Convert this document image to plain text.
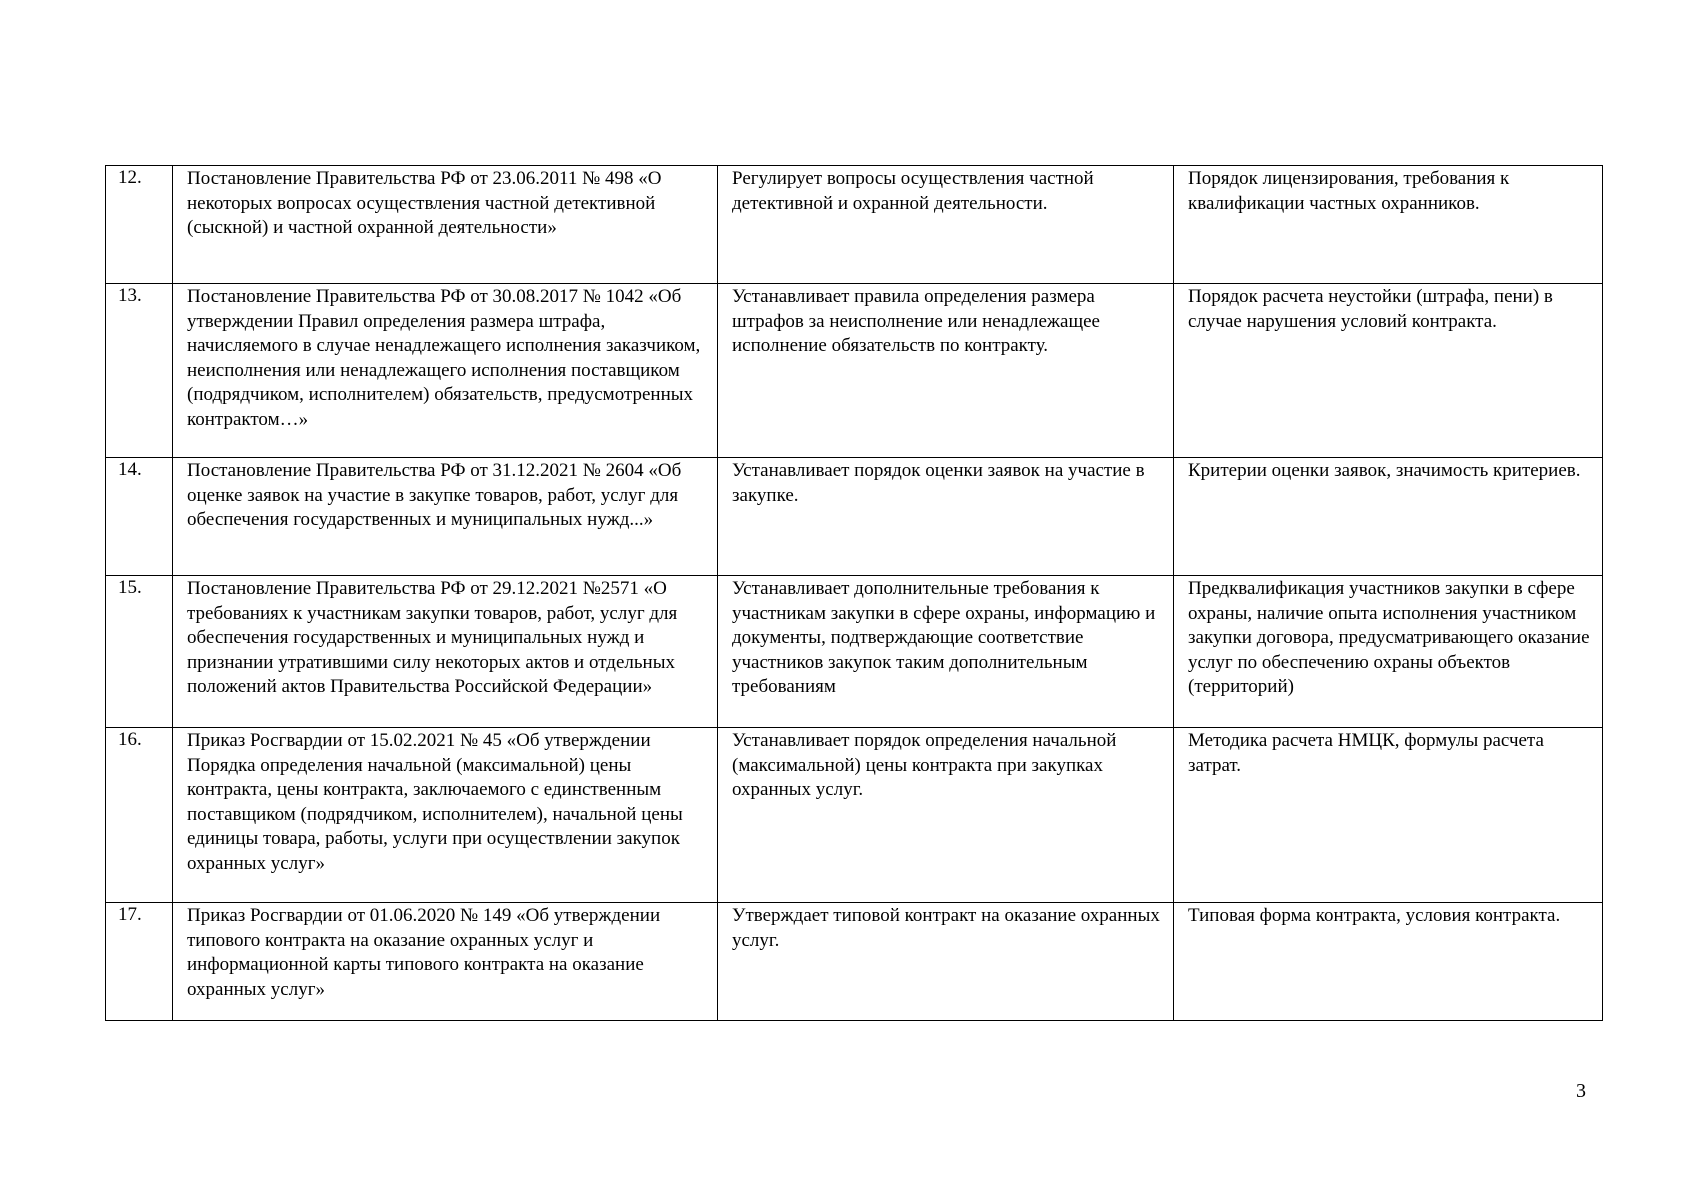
12.	Постановление Правительства РФ от 23.06.2011 № 498 «О некоторых вопросах осуществления частной детективной (сыскной) и частной охранной деятельности»	Регулирует вопросы осуществления частной детективной и охранной деятельности.	Порядок лицензирования, требования к квалификации частных охранников.
13.	Постановление Правительства РФ от 30.08.2017 № 1042 «Об утверждении Правил определения размера штрафа, начисляемого в случае ненадлежащего исполнения заказчиком, неисполнения или ненадлежащего исполнения поставщиком (подрядчиком, исполнителем) обязательств, предусмотренных контрактом…»	Устанавливает правила определения размера штрафов за неисполнение или ненадлежащее исполнение обязательств по контракту.	Порядок расчета неустойки (штрафа, пени) в случае нарушения условий контракта.
14.	Постановление Правительства РФ от 31.12.2021 № 2604 «Об оценке заявок на участие в закупке товаров, работ, услуг для обеспечения государственных и муниципальных нужд...»	Устанавливает порядок оценки заявок на участие в закупке.	Критерии оценки заявок, значимость критериев.
15.	Постановление Правительства РФ от 29.12.2021 №2571 «О требованиях к участникам закупки товаров, работ, услуг для обеспечения государственных и муниципальных нужд и признании утратившими силу некоторых актов и отдельных положений актов Правительства Российской Федерации»	Устанавливает дополнительные требования к участникам закупки в сфере охраны, информацию и документы, подтверждающие соответствие участников закупок таким дополнительным требованиям	Предквалификация участников закупки в сфере охраны, наличие опыта исполнения участником закупки договора, предусматривающего оказание услуг по обеспечению охраны объектов (территорий)
16.	Приказ Росгвардии от 15.02.2021 № 45 «Об утверждении Порядка определения начальной (максимальной) цены контракта, цены контракта, заключаемого с единственным поставщиком (подрядчиком, исполнителем), начальной цены единицы товара, работы, услуги при осуществлении закупок охранных услуг»	Устанавливает порядок определения начальной (максимальной) цены контракта при закупках охранных услуг.	Методика расчета НМЦК, формулы расчета затрат.
17.	Приказ Росгвардии от 01.06.2020 № 149 «Об утверждении типового контракта на оказание охранных услуг и информационной карты типового контракта на оказание охранных услуг»	Утверждает типовой контракт на оказание охранных услуг.	Типовая форма контракта, условия контракта.
3
